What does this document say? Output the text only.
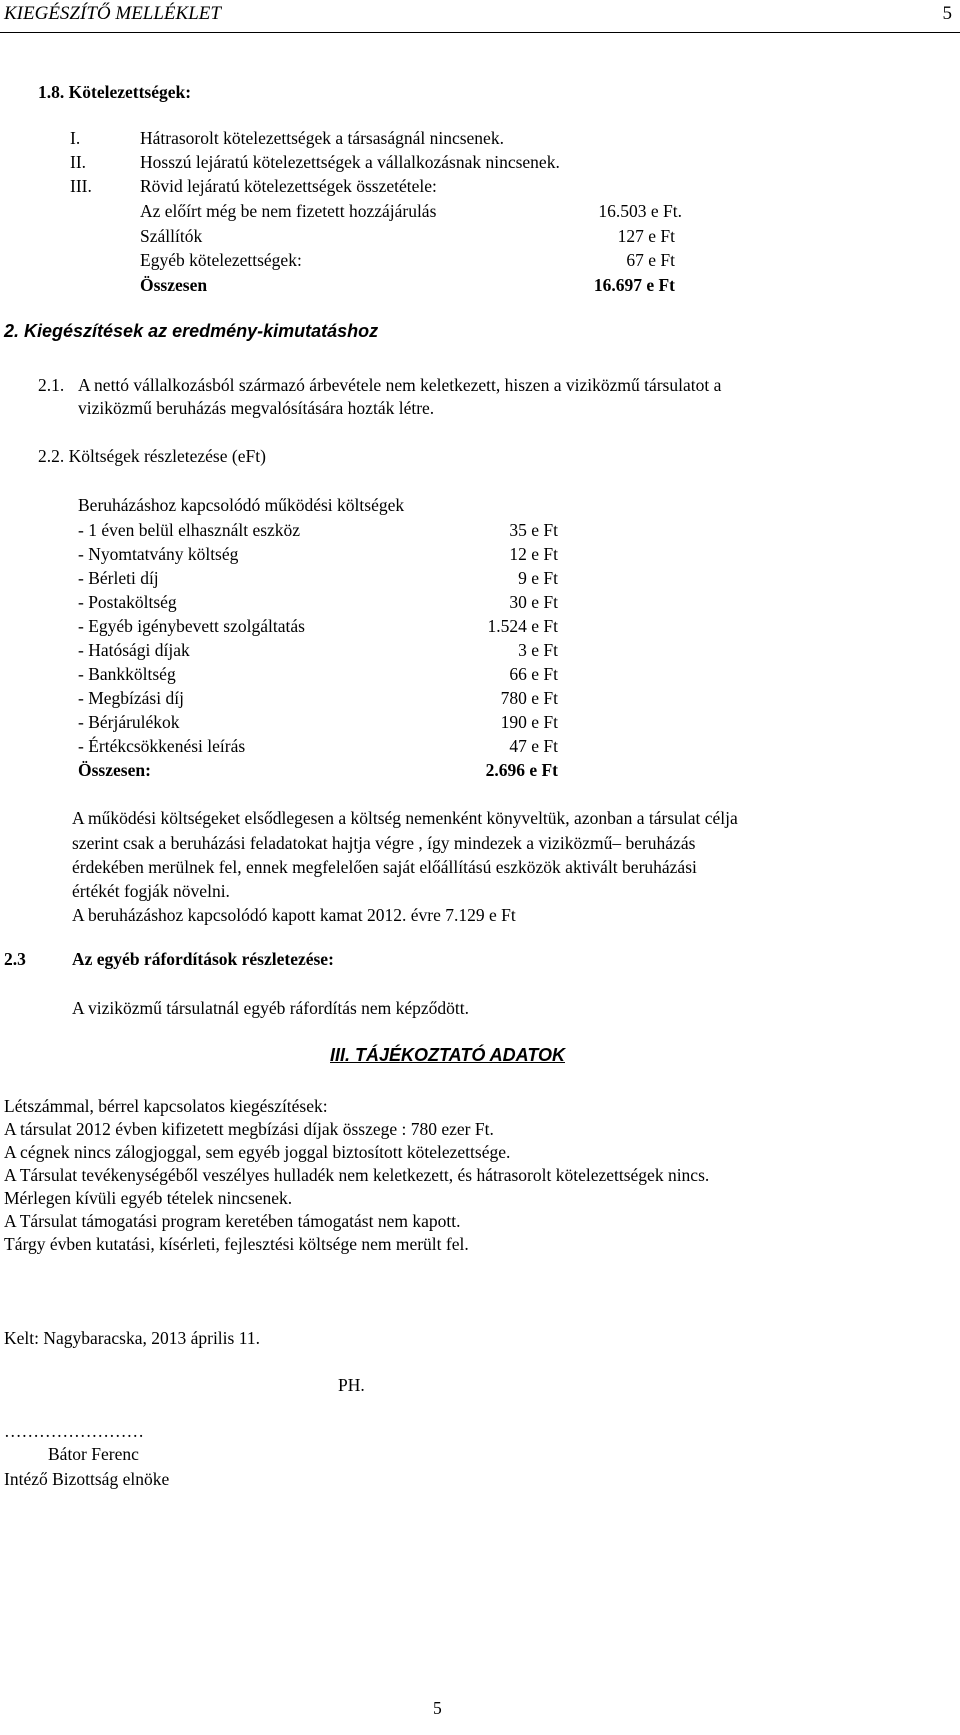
KIEGÉSZÍTŐ MELLÉKLET	5
1.8. Kötelezettségek:
I.	Hátrasorolt kötelezettségek a társaságnál nincsenek.
II.	Hosszú lejáratú kötelezettségek a vállalkozásnak nincsenek.
III.	Rövid lejáratú kötelezettségek összetétele:
Az előírt még be nem fizetett hozzájárulás	16.503 e Ft.
Szállítók	127 e Ft
Egyéb kötelezettségek:	67 e Ft
Összesen	16.697 e Ft
2. Kiegészítések az eredmény-kimutatáshoz
2.1. A nettó vállalkozásból származó árbevétele nem keletkezett, hiszen a viziközmű társulatot a
viziközmű beruházás megvalósítására hozták létre.
2.2. Költségek részletezése (eFt)
Beruházáshoz kapcsolódó működési költségek
- 1 éven belül elhasznált eszköz	35 e Ft
- Nyomtatvány költség	12 e Ft
- Bérleti díj	9 e Ft
- Postaköltség	30 e Ft
- Egyéb igénybevett szolgáltatás	1.524 e Ft
- Hatósági díjak	3 e Ft
- Bankköltség	66 e Ft
- Megbízási díj	780 e Ft
- Bérjárulékok	190 e Ft
- Értékcsökkenési leírás	47 e Ft
Összesen:	2.696 e Ft
A működési költségeket elsődlegesen a költség nemenként könyveltük, azonban a társulat célja
szerint csak a beruházási feladatokat hajtja végre , így mindezek a viziközmű– beruházás
érdekében merülnek fel, ennek megfelelően saját előállítású eszközök aktivált beruházási
értékét fogják növelni.
A beruházáshoz kapcsolódó kapott kamat 2012. évre 7.129 e Ft
2.3	Az egyéb ráfordítások részletezése:
A viziközmű társulatnál egyéb ráfordítás nem képződött.
III. TÁJÉKOZTATÓ ADATOK
Létszámmal, bérrel kapcsolatos kiegészítések:
A társulat 2012 évben kifizetett megbízási díjak összege : 780 ezer Ft.
A cégnek nincs zálogjoggal, sem egyéb joggal biztosított kötelezettsége.
A Társulat tevékenységéből veszélyes hulladék nem keletkezett, és hátrasorolt kötelezettségek nincs.
Mérlegen kívüli egyéb tételek nincsenek.
A Társulat támogatási program keretében támogatást nem kapott.
Tárgy évben kutatási, kísérleti, fejlesztési költsége nem merült fel.
Kelt: Nagybaracska, 2013 április 11.
PH.
……………………
Bátor Ferenc
Intéző Bizottság elnöke
5
